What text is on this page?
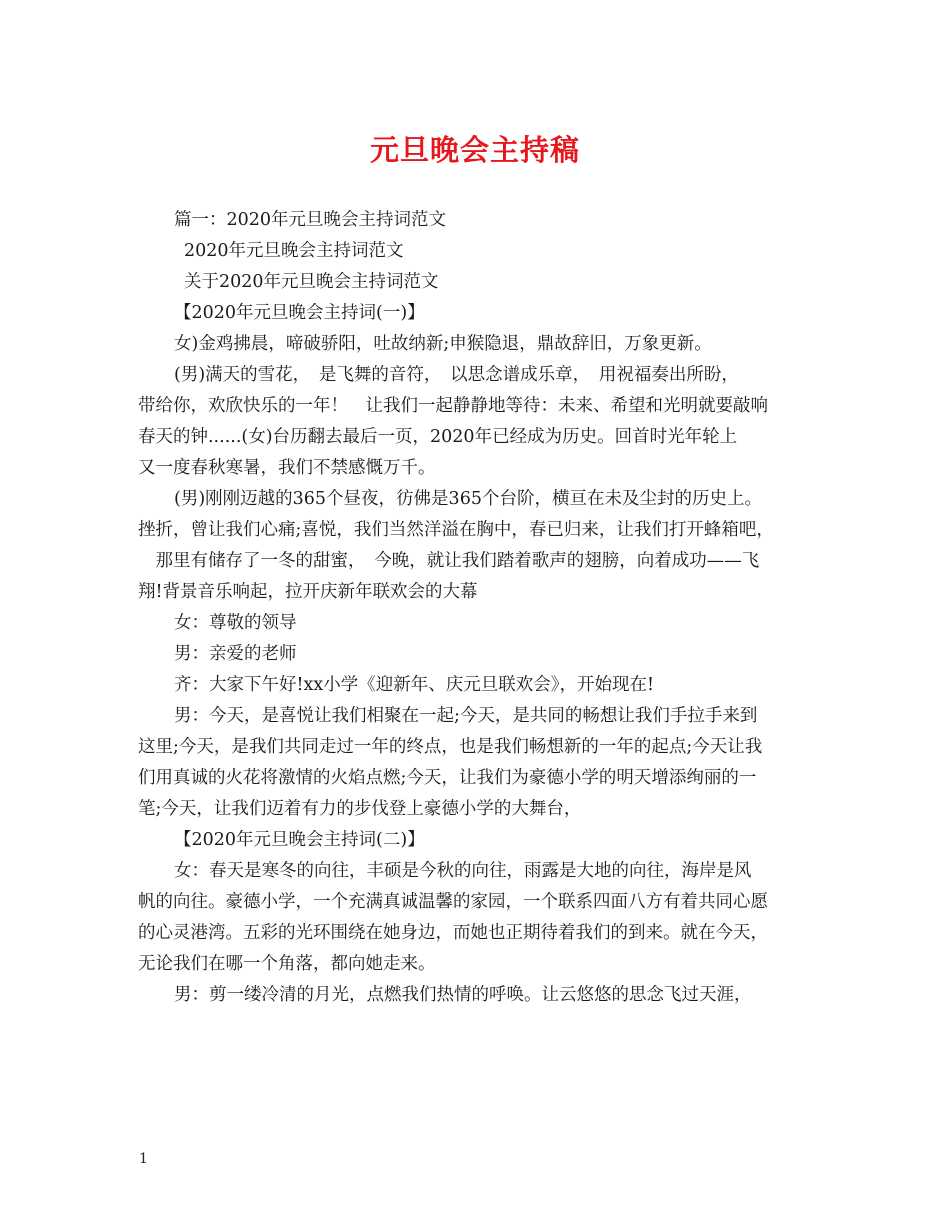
元旦晚会主持稿
篇一：2020年元旦晚会主持词范文
2020年元旦晚会主持词范文
关于2020年元旦晚会主持词范文
【2020年元旦晚会主持词(一)】
女)金鸡拂晨，啼破骄阳，吐故纳新;申猴隐退，鼎故辞旧，万象更新。
(男)满天的雪花，　是飞舞的音符，　以思念谱成乐章，　用祝福奏出所盼，
带给你，欢欣快乐的一年！　让我们一起静静地等待：未来、希望和光明就要敲响
春天的钟......(女)台历翻去最后一页，2020年已经成为历史。回首时光年轮上
又一度春秋寒暑，我们不禁感慨万千。
(男)刚刚迈越的365个昼夜，彷佛是365个台阶，横亘在未及尘封的历史上。
挫折，曾让我们心痛;喜悦，我们当然洋溢在胸中，春已归来，让我们打开蜂箱吧，
　那里有储存了一冬的甜蜜，　今晚，就让我们踏着歌声的翅膀，向着成功——飞
翔!背景音乐响起，拉开庆新年联欢会的大幕
女：尊敬的领导
男：亲爱的老师
齐：大家下午好!xx小学《迎新年、庆元旦联欢会》，开始现在!
男：今天，是喜悦让我们相聚在一起;今天，是共同的畅想让我们手拉手来到
这里;今天，是我们共同走过一年的终点，也是我们畅想新的一年的起点;今天让我
们用真诚的火花将激情的火焰点燃;今天，让我们为豪德小学的明天增添绚丽的一
笔;今天，让我们迈着有力的步伐登上豪德小学的大舞台，
【2020年元旦晚会主持词(二)】
女：春天是寒冬的向往，丰硕是今秋的向往，雨露是大地的向往，海岸是风
帆的向往。豪德小学，一个充满真诚温馨的家园，一个联系四面八方有着共同心愿
的心灵港湾。五彩的光环围绕在她身边，而她也正期待着我们的到来。就在今天，
无论我们在哪一个角落，都向她走来。
男：剪一缕冷清的月光，点燃我们热情的呼唤。让云悠悠的思念飞过天涯，
1
